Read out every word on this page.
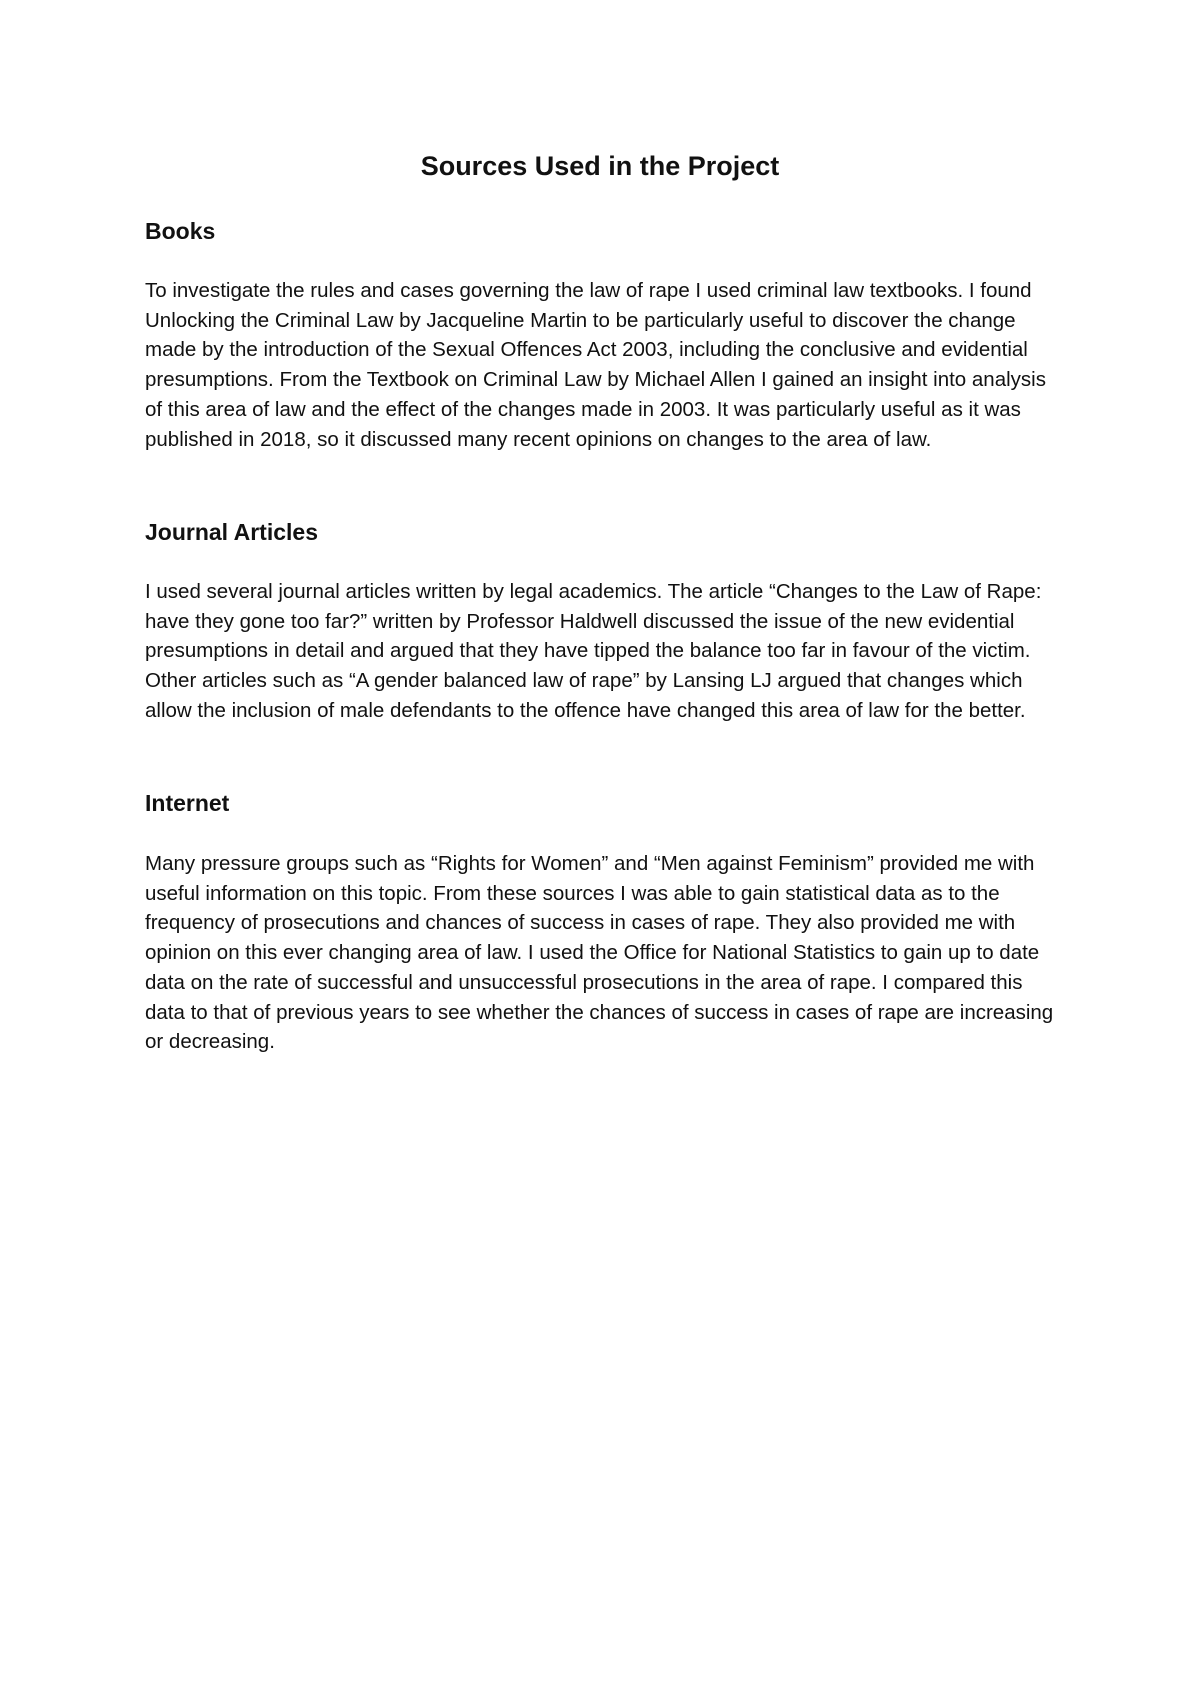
Sources Used in the Project
Books

To investigate the rules and cases governing the law of rape I used criminal law textbooks. I found Unlocking the Criminal Law by Jacqueline Martin to be particularly useful to discover the change made by the introduction of the Sexual Offences Act 2003, including the conclusive and evidential presumptions. From the Textbook on Criminal Law by Michael Allen I gained an insight into analysis of this area of law and the effect of the changes made in 2003. It was particularly useful as it was published in 2018, so it discussed many recent opinions on changes to the area of law.

Journal Articles

I used several journal articles written by legal academics. The article “Changes to the Law of Rape: have they gone too far?” written by Professor Haldwell discussed the issue of the new evidential presumptions in detail and argued that they have tipped the balance too far in favour of the victim. Other articles such as “A gender balanced law of rape” by Lansing LJ argued that changes which allow the inclusion of male defendants to the offence have changed this area of law for the better.

Internet

Many pressure groups such as “Rights for Women” and “Men against Feminism” provided me with useful information on this topic. From these sources I was able to gain statistical data as to the frequency of prosecutions and chances of success in cases of rape. They also provided me with opinion on this ever changing area of law. I used the Office for National Statistics to gain up to date data on the rate of successful and unsuccessful prosecutions in the area of rape. I compared this data to that of previous years to see whether the chances of success in cases of rape are increasing or decreasing.
